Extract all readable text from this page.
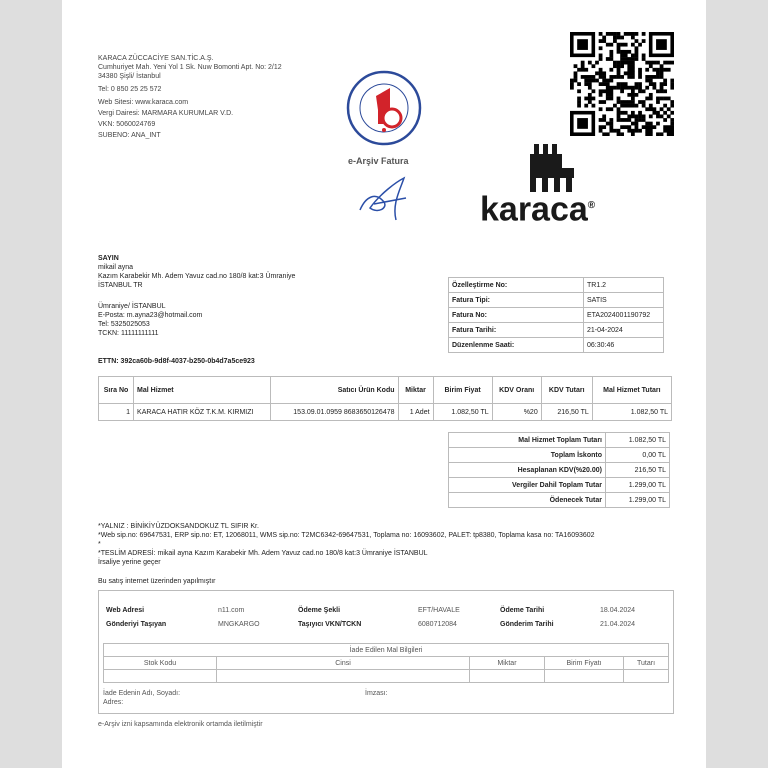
KARACA ZÜCCACİYE SAN.TİC.A.Ş.
Cumhuriyet Mah. Yeni Yol 1 Sk. Nuw Bomonti Apt. No: 2/12
34380 Şişli/ İstanbul
Tel: 0 850 25 25 572
Web Sitesi: www.karaca.com
Vergi Dairesi: MARMARA KURUMLAR V.D.
VKN: 5060024769
SUBENO: ANA_INT
e-Arşiv Fatura
karaca®
SAYIN
mikail ayna
Kazım Karabekir Mh. Adem Yavuz cad.no 180/8 kat:3 Ümraniye
İSTANBUL TR
Ümraniye/ İSTANBUL
E-Posta: m.ayna23@hotmail.com
Tel: 5325025053
TCKN: 11111111111
ETTN: 392ca60b-9d8f-4037-b250-0b4d7a5ce923
Özelleştirme No:	TR1.2
Fatura Tipi:	SATIS
Fatura No:	ETA2024001190792
Fatura Tarihi:	21-04-2024
Düzenlenme Saati:	06:30:46
Sıra No	Mal Hizmet	Satıcı Ürün Kodu	Miktar	Birim Fiyat	KDV Oranı	KDV Tutarı	Mal Hizmet Tutarı
1	KARACA HATIR KÖZ T.K.M. KIRMIZI	153.09.01.0959 8683650126478	1 Adet	1.082,50 TL	%20	216,50 TL	1.082,50 TL
Mal Hizmet Toplam Tutarı	1.082,50 TL
Toplam İskonto	0,00 TL
Hesaplanan KDV(%20.00)	216,50 TL
Vergiler Dahil Toplam Tutar	1.299,00 TL
Ödenecek Tutar	1.299,00 TL
*YALNIZ : BİNİKİYÜZDOKSANDOKUZ TL SIFIR Kr.
*Web sip.no: 69647531, ERP sip.no: ET, 12068011, WMS sip.no: T2MC6342-69647531, Toplama no: 16093602, PALET: tp8380, Toplama kasa no: TA16093602
*
*TESLİM ADRESİ: mikail ayna Kazım Karabekir Mh. Adem Yavuz cad.no 180/8 kat:3 Ümraniye İSTANBUL
İrsaliye yerine geçer
Bu satış internet üzerinden yapılmıştır
Web Adresi	n11.com	Ödeme Şekli	EFT/HAVALE	Ödeme Tarihi	18.04.2024
Gönderiyi Taşıyan	MNGKARGO	Taşıyıcı VKN/TCKN	6080712084	Gönderim Tarihi	21.04.2024
İade Edilen Mal Bilgileri				
Stok Kodu	Cinsi	Miktar	Birim Fiyatı	Tutarı

İade Edenin Adı, Soyadı:
Adres:
İmzası:
e-Arşiv izni kapsamında elektronik ortamda iletilmiştir
